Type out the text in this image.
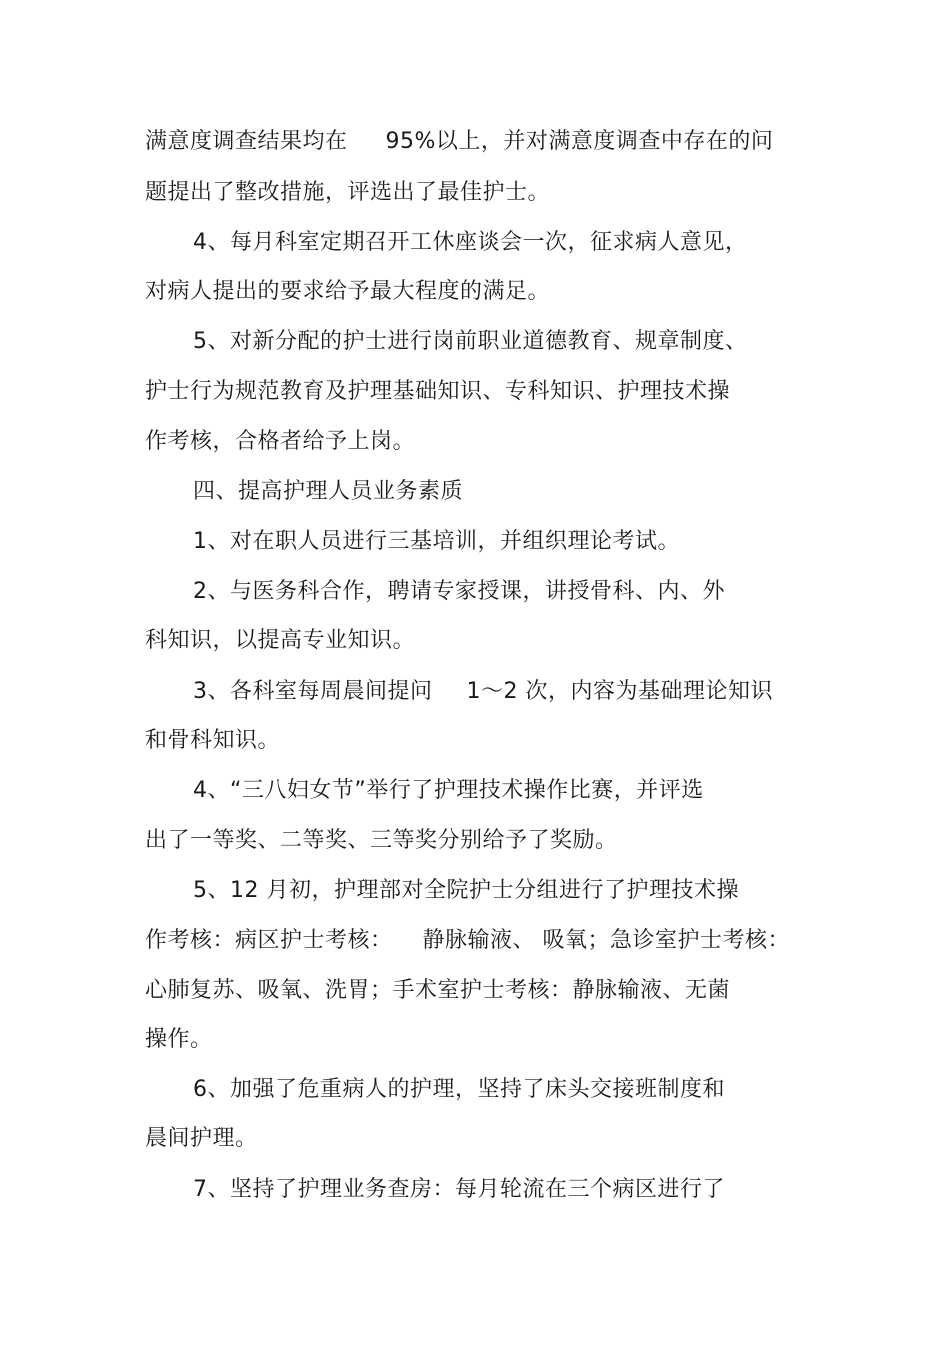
满意度调查结果均在 95%以上，并对满意度调查中存在的问
题提出了整改措施，评选出了最佳护士。
4、每月科室定期召开工休座谈会一次，征求病人意见，
对病人提出的要求给予最大程度的满足。
5、对新分配的护士进行岗前职业道德教育、规章制度、
护士行为规范教育及护理基础知识、专科知识、护理技术操
作考核，合格者给予上岗。
四、提高护理人员业务素质
1、对在职人员进行三基培训，并组织理论考试。
2、与医务科合作，聘请专家授课，讲授骨科、内、外
科知识，以提高专业知识。
3、各科室每周晨间提问 1～2 次，内容为基础理论知识
和骨科知识。
4、“三八妇女节”举行了护理技术操作比赛，并评选
出了一等奖、二等奖、三等奖分别给予了奖励。
5、12 月初，护理部对全院护士分组进行了护理技术操
作考核：病区护士考核： 静脉输液、 吸氧；急诊室护士考核：
心肺复苏、吸氧、洗胃；手术室护士考核：静脉输液、无菌
操作。
6、加强了危重病人的护理，坚持了床头交接班制度和
晨间护理。
7、坚持了护理业务查房：每月轮流在三个病区进行了
